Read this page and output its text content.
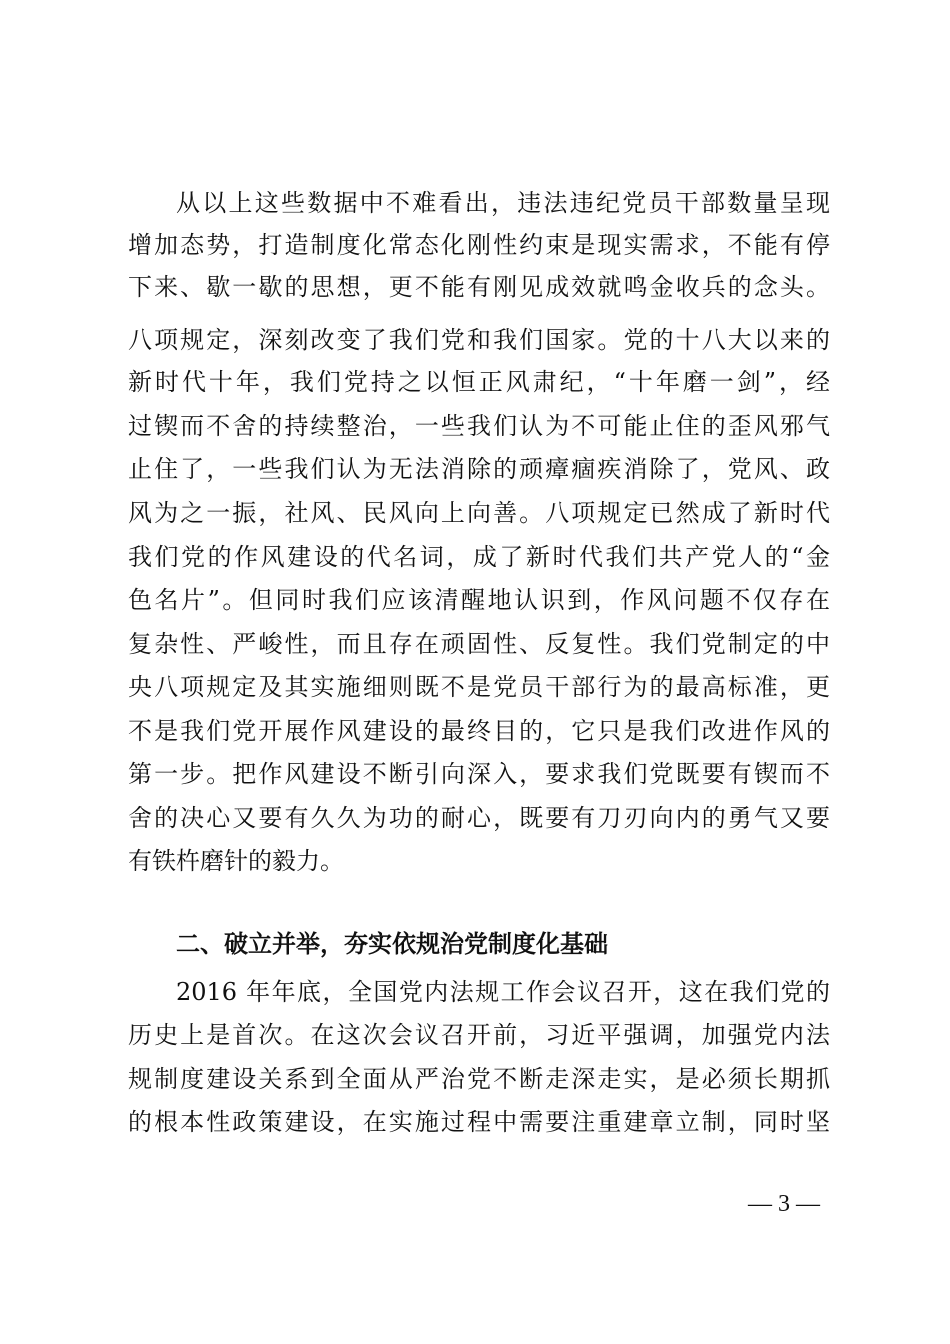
从以上这些数据中不难看出，违法违纪党员干部数量呈现
增加态势，打造制度化常态化刚性约束是现实需求，不能有停
下来、歇一歇的思想，更不能有刚见成效就鸣金收兵的念头。
八项规定，深刻改变了我们党和我们国家。党的十八大以来的
新时代十年，我们党持之以恒正风肃纪，“十年磨一剑”，经
过锲而不舍的持续整治，一些我们认为不可能止住的歪风邪气
止住了，一些我们认为无法消除的顽瘴痼疾消除了，党风、政
风为之一振，社风、民风向上向善。八项规定已然成了新时代
我们党的作风建设的代名词，成了新时代我们共产党人的“金
色名片”。但同时我们应该清醒地认识到，作风问题不仅存在
复杂性、严峻性，而且存在顽固性、反复性。我们党制定的中
央八项规定及其实施细则既不是党员干部行为的最高标准，更
不是我们党开展作风建设的最终目的，它只是我们改进作风的
第一步。把作风建设不断引向深入，要求我们党既要有锲而不
舍的决心又要有久久为功的耐心，既要有刀刃向内的勇气又要
有铁杵磨针的毅力。
二、破立并举，夯实依规治党制度化基础
2016 年年底，全国党内法规工作会议召开，这在我们党的
历史上是首次。在这次会议召开前，习近平强调，加强党内法
规制度建设关系到全面从严治党不断走深走实，是必须长期抓
的根本性政策建设，在实施过程中需要注重建章立制，同时坚
— 3 —
